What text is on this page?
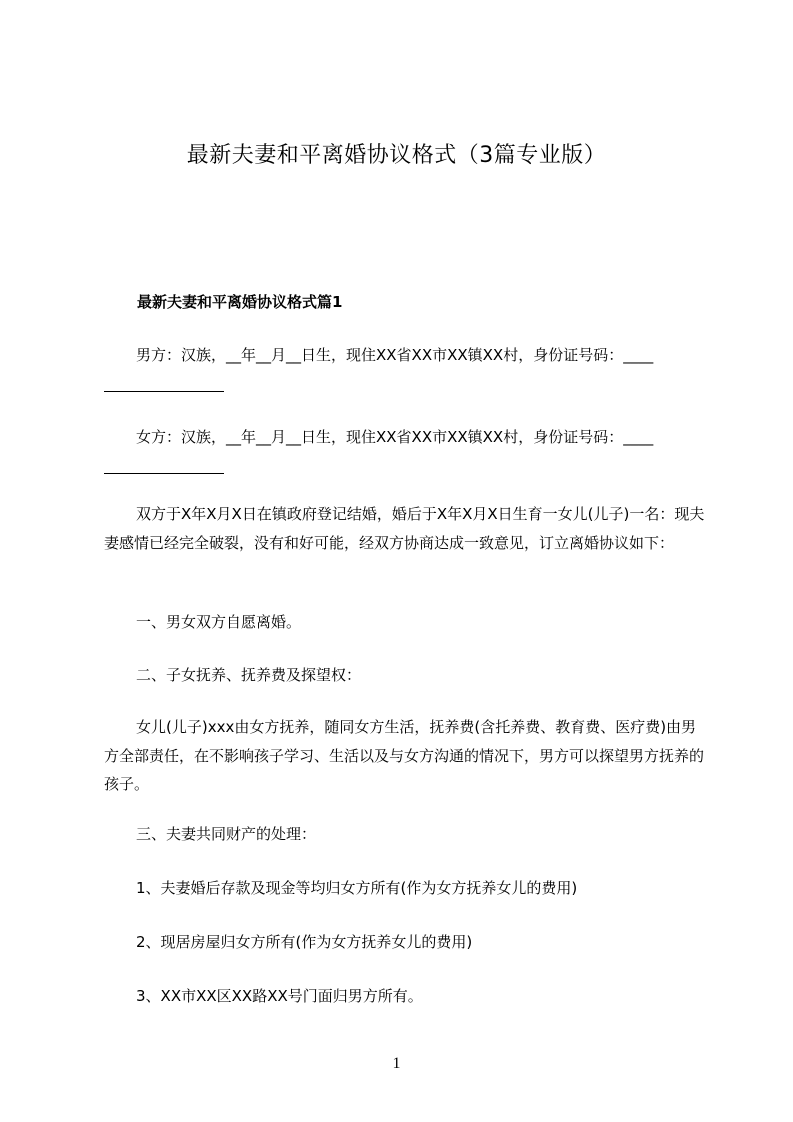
最新夫妻和平离婚协议格式（3篇专业版）

最新夫妻和平离婚协议格式篇1

男方：汉族，__年__月__日生，现住XX省XX市XX镇XX村，身份证号码：____
女方：汉族，__年__月__日生，现住XX省XX市XX镇XX村，身份证号码：____

双方于X年X月X日在镇政府登记结婚，婚后于X年X月X日生育一女儿(儿子)一名：现夫妻感情已经完全破裂，没有和好可能，经双方协商达成一致意见，订立离婚协议如下：

一、男女双方自愿离婚。

二、子女抚养、抚养费及探望权：

女儿(儿子)xxx由女方抚养，随同女方生活，抚养费(含托养费、教育费、医疗费)由男方全部责任，在不影响孩子学习、生活以及与女方沟通的情况下，男方可以探望男方抚养的孩子。

三、夫妻共同财产的处理：

1、夫妻婚后存款及现金等均归女方所有(作为女方抚养女儿的费用)

2、现居房屋归女方所有(作为女方抚养女儿的费用)

3、XX市XX区XX路XX号门面归男方所有。

1
